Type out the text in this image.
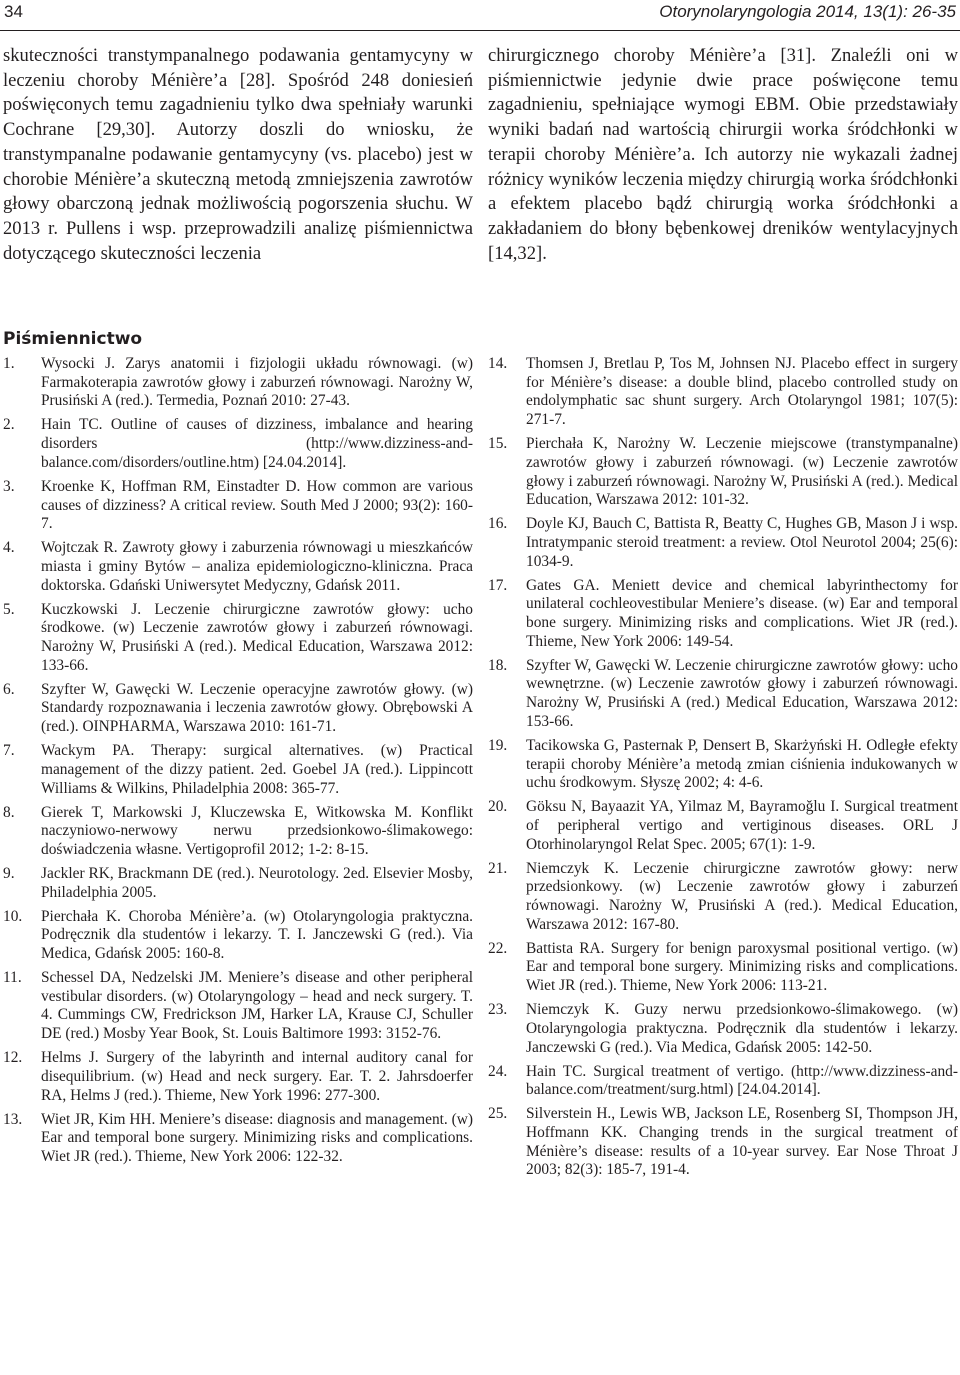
34	Otorynolaryngologia 2014, 13(1): 26-35

skuteczności transtympanalnego podawania gentamycyny w leczeniu choroby Ménière’a [28]. Spośród 248 doniesień poświęconych temu zagadnieniu tylko dwa spełniały warunki Cochrane [29,30]. Autorzy doszli do wniosku, że transtympanalne podawanie gentamycyny (vs. placebo) jest w chorobie Ménière’a skuteczną metodą zmniejszenia zawrotów głowy obarczoną jednak możliwością pogorszenia słuchu. W 2013 r. Pullens i wsp. przeprowadzili analizę piśmiennictwa dotyczącego skuteczności leczenia

chirurgicznego choroby Ménière’a [31]. Znaleźli oni w piśmiennictwie jedynie dwie prace poświęcone temu zagadnieniu, spełniające wymogi EBM. Obie przedstawiały wyniki badań nad wartością chirurgii worka śródchłonki w terapii choroby Ménière’a. Ich autorzy nie wykazali żadnej różnicy wyników leczenia między chirurgią worka śródchłonki a efektem placebo bądź chirurgią worka śródchłonki a zakładaniem do błony bębenkowej dreników wentylacyjnych [14,32].

Piśmiennictwo
1.	Wysocki J. Zarys anatomii i fizjologii układu równowagi. (w) Farmakoterapia zawrotów głowy i zaburzeń równowagi. Narożny W, Prusiński A (red.). Termedia, Poznań 2010: 27-43.
2.	Hain TC. Outline of causes of dizziness, imbalance and hearing disorders (http://www.dizziness-and-balance.com/disorders/outline.htm) [24.04.2014].
3.	Kroenke K, Hoffman RM, Einstadter D. How common are various causes of dizziness? A critical review. South Med J 2000; 93(2): 160-7.
4.	Wojtczak R. Zawroty głowy i zaburzenia równowagi u mieszkańców miasta i gminy Bytów – analiza epidemiologiczno-kliniczna. Praca doktorska. Gdański Uniwersytet Medyczny, Gdańsk 2011.
5.	Kuczkowski J. Leczenie chirurgiczne zawrotów głowy: ucho środkowe. (w) Leczenie zawrotów głowy i zaburzeń równowagi. Narożny W, Prusiński A (red.). Medical Education, Warszawa 2012: 133-66.
6.	Szyfter W, Gawęcki W. Leczenie operacyjne zawrotów głowy. (w) Standardy rozpoznawania i leczenia zawrotów głowy. Obrębowski A (red.). OINPHARMA, Warszawa 2010: 161-71.
7.	Wackym PA. Therapy: surgical alternatives. (w) Practical management of the dizzy patient. 2ed. Goebel JA (red.). Lippincott Williams & Wilkins, Philadelphia 2008: 365-77.
8.	Gierek T, Markowski J, Kluczewska E, Witkowska M. Konflikt naczyniowo-nerwowy nerwu przedsionkowo-ślimakowego: doświadczenia własne. Vertigoprofil 2012; 1-2: 8-15.
9.	Jackler RK, Brackmann DE (red.). Neurotology. 2ed. Elsevier Mosby, Philadelphia 2005.
10.	Pierchała K. Choroba Ménière’a. (w) Otolaryngologia praktyczna. Podręcznik dla studentów i lekarzy. T. I. Janczewski G (red.). Via Medica, Gdańsk 2005: 160-8.
11.	Schessel DA, Nedzelski JM. Meniere’s disease and other peripheral vestibular disorders. (w) Otolaryngology – head and neck surgery. T. 4. Cummings CW, Fredrickson JM, Harker LA, Krause CJ, Schuller DE (red.) Mosby Year Book, St. Louis Baltimore 1993: 3152-76.
12.	Helms J. Surgery of the labyrinth and internal auditory canal for disequilibrium. (w) Head and neck surgery. Ear. T. 2. Jahrsdoerfer RA, Helms J (red.). Thieme, New York 1996: 277-300.
13.	Wiet JR, Kim HH. Meniere’s disease: diagnosis and management. (w) Ear and temporal bone surgery. Minimizing risks and complications. Wiet JR (red.). Thieme, New York 2006: 122-32.
14.	Thomsen J, Bretlau P, Tos M, Johnsen NJ. Placebo effect in surgery for Ménière’s disease: a double blind, placebo controlled study on endolymphatic sac shunt surgery. Arch Otolaryngol 1981; 107(5): 271-7.
15.	Pierchała K, Narożny W. Leczenie miejscowe (transtympanalne) zawrotów głowy i zaburzeń równowagi. (w) Leczenie zawrotów głowy i zaburzeń równowagi. Narożny W, Prusiński A (red.). Medical Education, Warszawa 2012: 101-32.
16.	Doyle KJ, Bauch C, Battista R, Beatty C, Hughes GB, Mason J i wsp. Intratympanic steroid treatment: a review. Otol Neurotol 2004; 25(6): 1034-9.
17.	Gates GA. Meniett device and chemical labyrinthectomy for unilateral cochleovestibular Meniere’s disease. (w) Ear and temporal bone surgery. Minimizing risks and complications. Wiet JR (red.). Thieme, New York 2006: 149-54.
18.	Szyfter W, Gawęcki W. Leczenie chirurgiczne zawrotów głowy: ucho wewnętrzne. (w) Leczenie zawrotów głowy i zaburzeń równowagi. Narożny W, Prusiński A (red.) Medical Education, Warszawa 2012: 153-66.
19.	Tacikowska G, Pasternak P, Densert B, Skarżyński H. Odległe efekty terapii choroby Ménière’a metodą zmian ciśnienia indukowanych w uchu środkowym. Słyszę 2002; 4: 4-6.
20.	Göksu N, Bayaazit YA, Yilmaz M, Bayramoğlu I. Surgical treatment of peripheral vertigo and vertiginous diseases. ORL J Otorhinolaryngol Relat Spec. 2005; 67(1): 1-9.
21.	Niemczyk K. Leczenie chirurgiczne zawrotów głowy: nerw przedsionkowy. (w) Leczenie zawrotów głowy i zaburzeń równowagi. Narożny W, Prusiński A (red.). Medical Education, Warszawa 2012: 167-80.
22.	Battista RA. Surgery for benign paroxysmal positional vertigo. (w) Ear and temporal bone surgery. Minimizing risks and complications. Wiet JR (red.). Thieme, New York 2006: 113-21.
23.	Niemczyk K. Guzy nerwu przedsionkowo-ślimakowego. (w) Otolaryngologia praktyczna. Podręcznik dla studentów i lekarzy. Janczewski G (red.). Via Medica, Gdańsk 2005: 142-50.
24.	Hain TC. Surgical treatment of vertigo. (http://www.dizziness-and-balance.com/treatment/surg.html) [24.04.2014].
25.	Silverstein H., Lewis WB, Jackson LE, Rosenberg SI, Thompson JH, Hoffmann KK. Changing trends in the surgical treatment of Ménière’s disease: results of a 10-year survey. Ear Nose Throat J 2003; 82(3): 185-7, 191-4.
